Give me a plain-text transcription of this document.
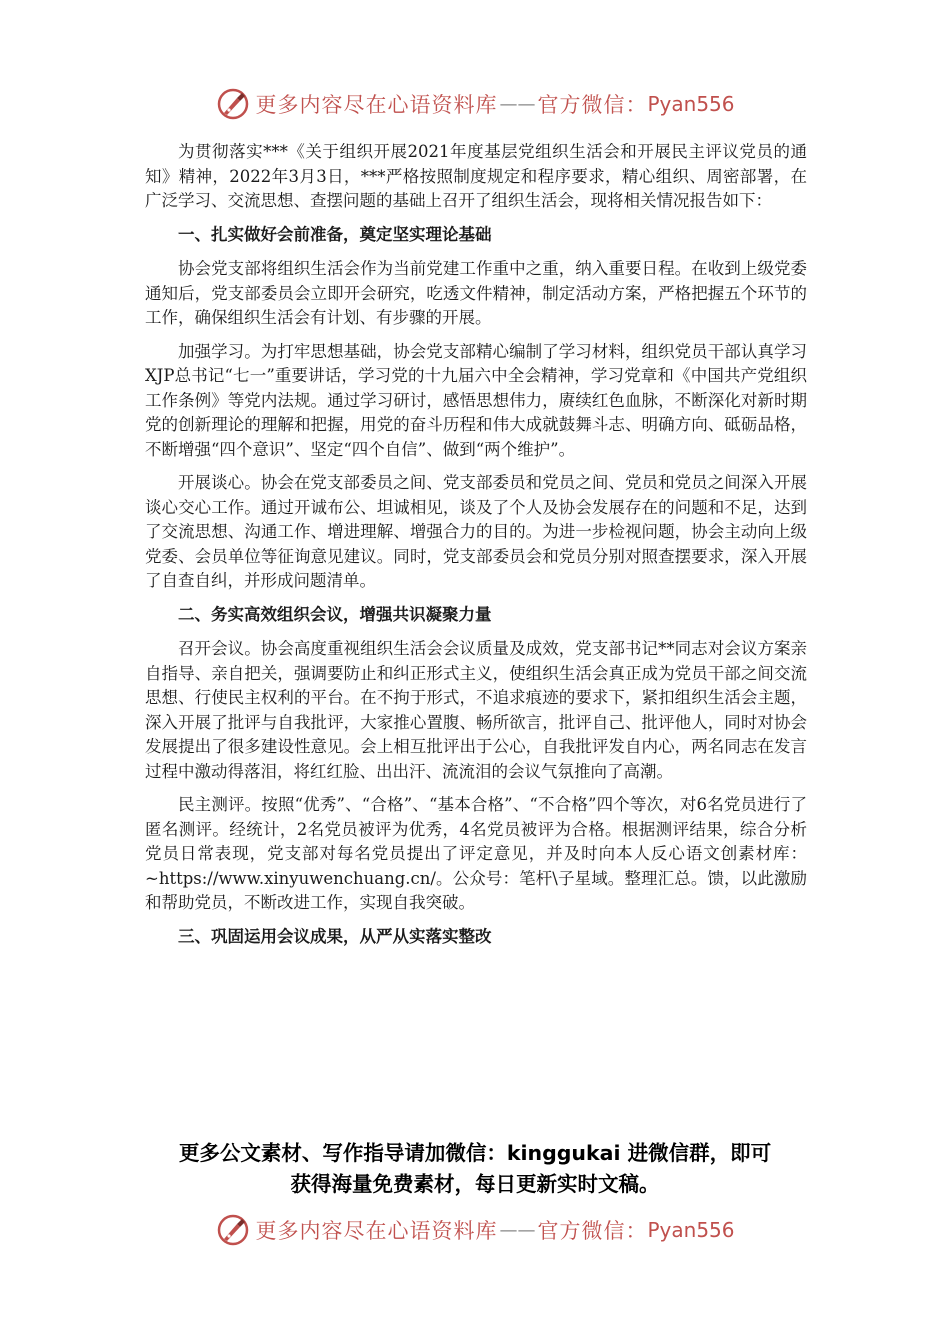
更多内容尽在心语资料库 —— 官方微信： Pyan556

为贯彻落实***《关于组织开展2021年度基层党组织生活会和开展民主评议党员的通知》精神，2022年3月3日，***严格按照制度规定和程序要求，精心组织、周密部署，在广泛学习、交流思想、查摆问题的基础上召开了组织生活会，现将相关情况报告如下：

一、扎实做好会前准备，奠定坚实理论基础

协会党支部将组织生活会作为当前党建工作重中之重，纳入重要日程。在收到上级党委通知后，党支部委员会立即开会研究，吃透文件精神，制定活动方案，严格把握五个环节的工作，确保组织生活会有计划、有步骤的开展。

加强学习。为打牢思想基础，协会党支部精心编制了学习材料，组织党员干部认真学习XJP总书记“七一”重要讲话，学习党的十九届六中全会精神，学习党章和《中国共产党组织工作条例》等党内法规。通过学习研讨，感悟思想伟力，赓续红色血脉，不断深化对新时期党的创新理论的理解和把握，用党的奋斗历程和伟大成就鼓舞斗志、明确方向、砥砺品格，不断增强“四个意识”、坚定“四个自信”、做到“两个维护”。

开展谈心。协会在党支部委员之间、党支部委员和党员之间、党员和党员之间深入开展谈心交心工作。通过开诚布公、坦诚相见，谈及了个人及协会发展存在的问题和不足，达到了交流思想、沟通工作、增进理解、增强合力的目的。为进一步检视问题，协会主动向上级党委、会员单位等征询意见建议。同时，党支部委员会和党员分别对照查摆要求，深入开展了自查自纠，并形成问题清单。

二、务实高效组织会议，增强共识凝聚力量

召开会议。协会高度重视组织生活会会议质量及成效，党支部书记**同志对会议方案亲自指导、亲自把关，强调要防止和纠正形式主义，使组织生活会真正成为党员干部之间交流思想、行使民主权利的平台。在不拘于形式，不追求痕迹的要求下，紧扣组织生活会主题，深入开展了批评与自我批评，大家推心置腹、畅所欲言，批评自己、批评他人，同时对协会发展提出了很多建设性意见。会上相互批评出于公心，自我批评发自内心，两名同志在发言过程中激动得落泪，将红红脸、出出汗、流流泪的会议气氛推向了高潮。

民主测评。按照“优秀”、“合格”、“基本合格”、“不合格”四个等次，对6名党员进行了匿名测评。经统计，2名党员被评为优秀，4名党员被评为合格。根据测评结果，综合分析党员日常表现，党支部对每名党员提出了评定意见，并及时向本人反心语文创素材库：~https://www.xinyuwenchuang.cn/。公众号：笔杆\子星域。整理汇总。馈，以此激励和帮助党员，不断改进工作，实现自我突破。

三、巩固运用会议成果，从严从实落实整改

更多公文素材、写作指导请加微信：kinggukai 进微信群，即可
获得海量免费素材，每日更新实时文稿。
更多内容尽在心语资料库 —— 官方微信： Pyan556
